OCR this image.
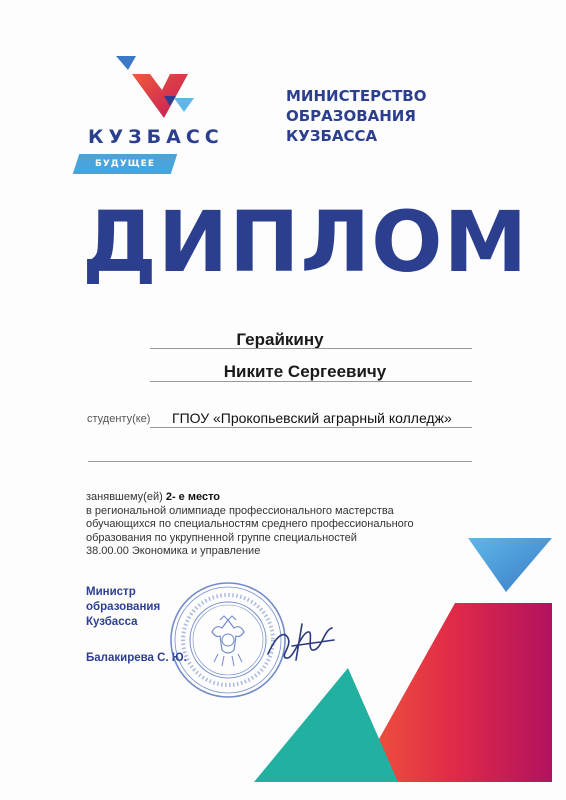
КУЗБАСС
БУДУЩЕЕ
МИНИСТЕРСТВО
ОБРАЗОВАНИЯ
КУЗБАССА
ДИПЛОМ
Герайкину
Никите Сергеевичу
студенту(ке) ГПОУ «Прокопьевский аграрный колледж»
занявшему(ей) 2- е место
в региональной олимпиаде профессионального мастерства
обучающихся по специальностям среднего профессионального
образования по укрупненной группе специальностей
38.00.00 Экономика и управление
Министр
образования
Кузбасса
Балакирева С. Ю.
